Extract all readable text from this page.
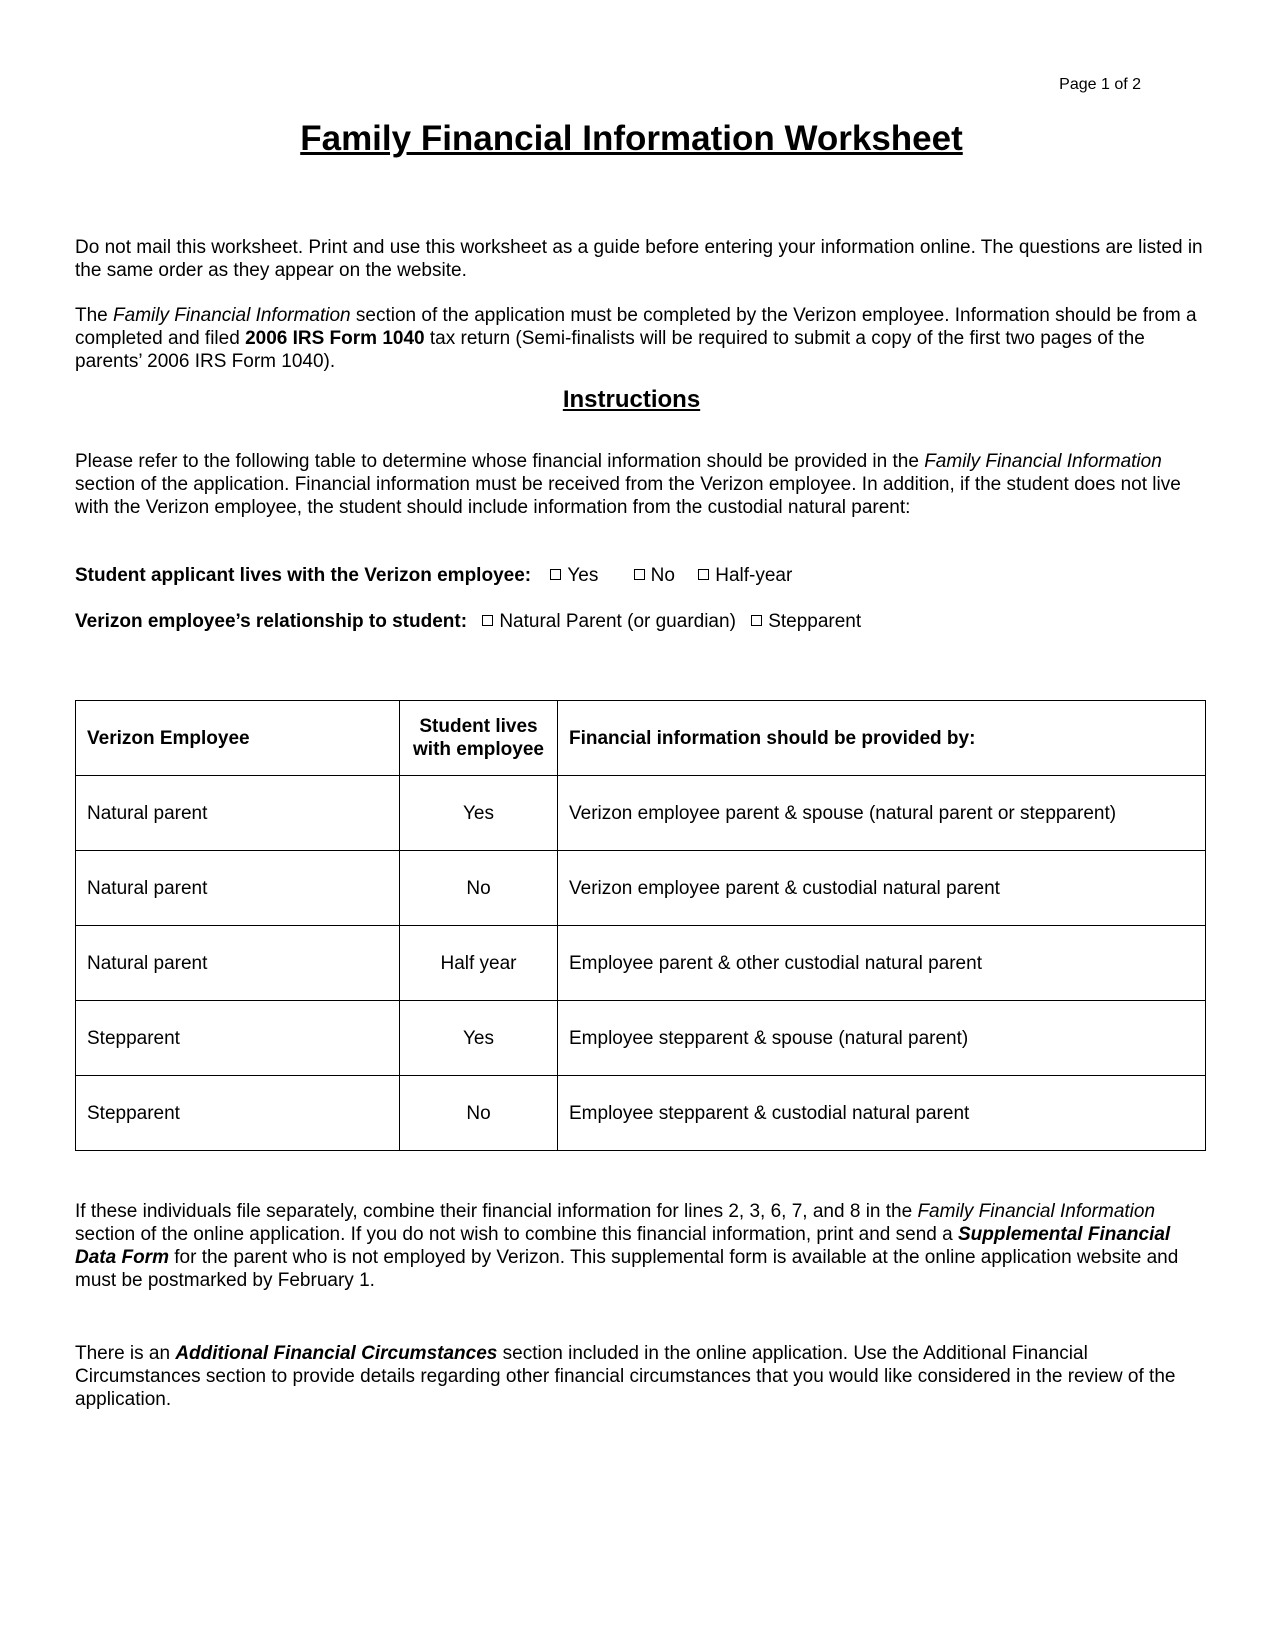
Page 1 of 2
Family Financial Information Worksheet

Do not mail this worksheet. Print and use this worksheet as a guide before entering your information online. The questions are listed in the same order as they appear on the website.

The Family Financial Information section of the application must be completed by the Verizon employee. Information should be from a completed and filed 2006 IRS Form 1040 tax return (Semi-finalists will be required to submit a copy of the first two pages of the parents’ 2006 IRS Form 1040).

Instructions

Please refer to the following table to determine whose financial information should be provided in the Family Financial Information section of the application. Financial information must be received from the Verizon employee. In addition, if the student does not live with the Verizon employee, the student should include information from the custodial natural parent:

Student applicant lives with the Verizon employee: Yes	No Half-year
Verizon employee’s relationship to student: Natural Parent (or guardian) Stepparent
Verizon Employee	Student lives with employee	Financial information should be provided by:
Natural parent	Yes	Verizon employee parent & spouse (natural parent or stepparent)
Natural parent	No	Verizon employee parent & custodial natural parent
Natural parent	Half year	Employee parent & other custodial natural parent
Stepparent	Yes	Employee stepparent & spouse (natural parent)
Stepparent	No	Employee stepparent & custodial natural parent

If these individuals file separately, combine their financial information for lines 2, 3, 6, 7, and 8 in the Family Financial Information section of the online application. If you do not wish to combine this financial information, print and send a Supplemental Financial Data Form for the parent who is not employed by Verizon. This supplemental form is available at the online application website and must be postmarked by February 1.

There is an Additional Financial Circumstances section included in the online application. Use the Additional Financial Circumstances section to provide details regarding other financial circumstances that you would like considered in the review of the application.
